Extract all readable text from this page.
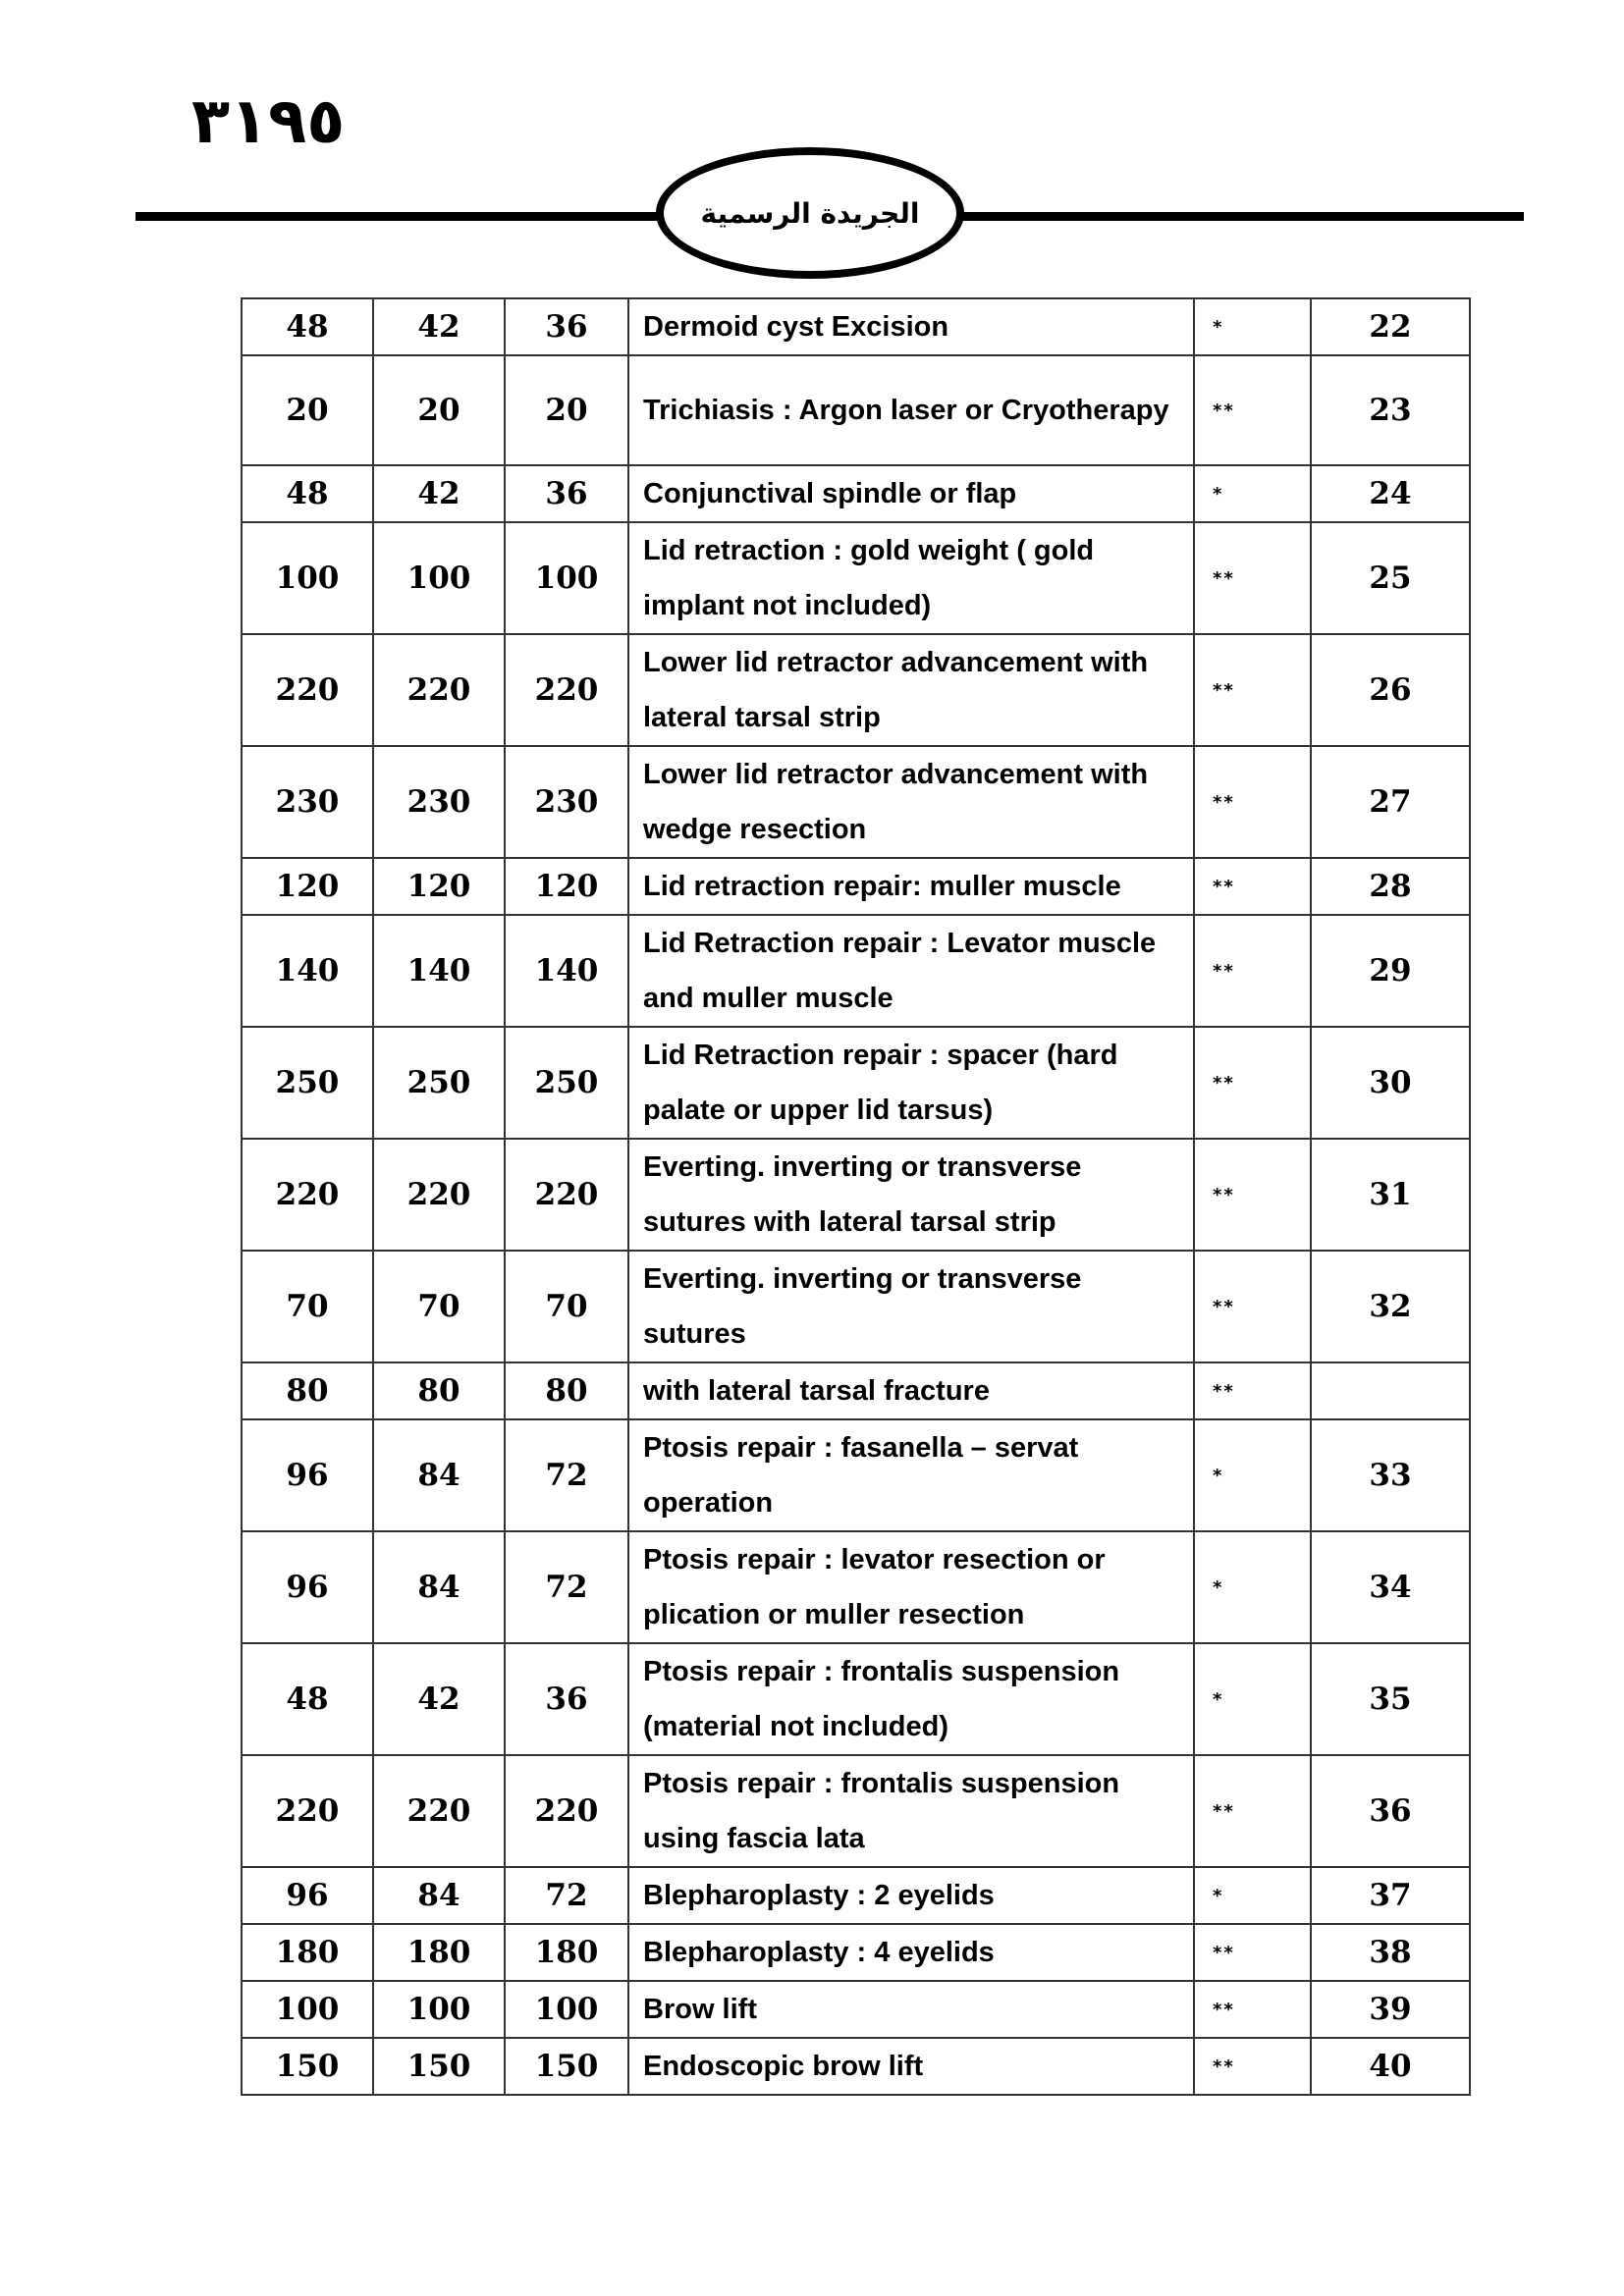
٣١٩٥
الجريدة الرسمية
48	42	36	Dermoid cyst Excision	*	22
20	20	20	Trichiasis : Argon laser or Cryotherapy	**	23
48	42	36	Conjunctival spindle or flap	*	24
100	100	100	Lid retraction : gold weight ( gold implant not included)	**	25
220	220	220	Lower lid retractor advancement with lateral tarsal strip	**	26
230	230	230	Lower lid retractor advancement with wedge resection	**	27
120	120	120	Lid retraction repair: muller muscle	**	28
140	140	140	Lid Retraction repair : Levator muscle and muller muscle	**	29
250	250	250	Lid Retraction repair : spacer (hard palate or upper lid tarsus)	**	30
220	220	220	Everting. inverting or transverse sutures with lateral tarsal strip	**	31
70	70	70	Everting. inverting or transverse sutures	**	32
80	80	80	with lateral tarsal fracture	**	
96	84	72	Ptosis repair : fasanella – servat operation	*	33
96	84	72	Ptosis repair : levator resection or plication or muller resection	*	34
48	42	36	Ptosis repair : frontalis suspension (material not included)	*	35
220	220	220	Ptosis repair : frontalis suspension using fascia lata	**	36
96	84	72	Blepharoplasty : 2 eyelids	*	37
180	180	180	Blepharoplasty : 4 eyelids	**	38
100	100	100	Brow lift	**	39
150	150	150	Endoscopic brow lift	**	40
